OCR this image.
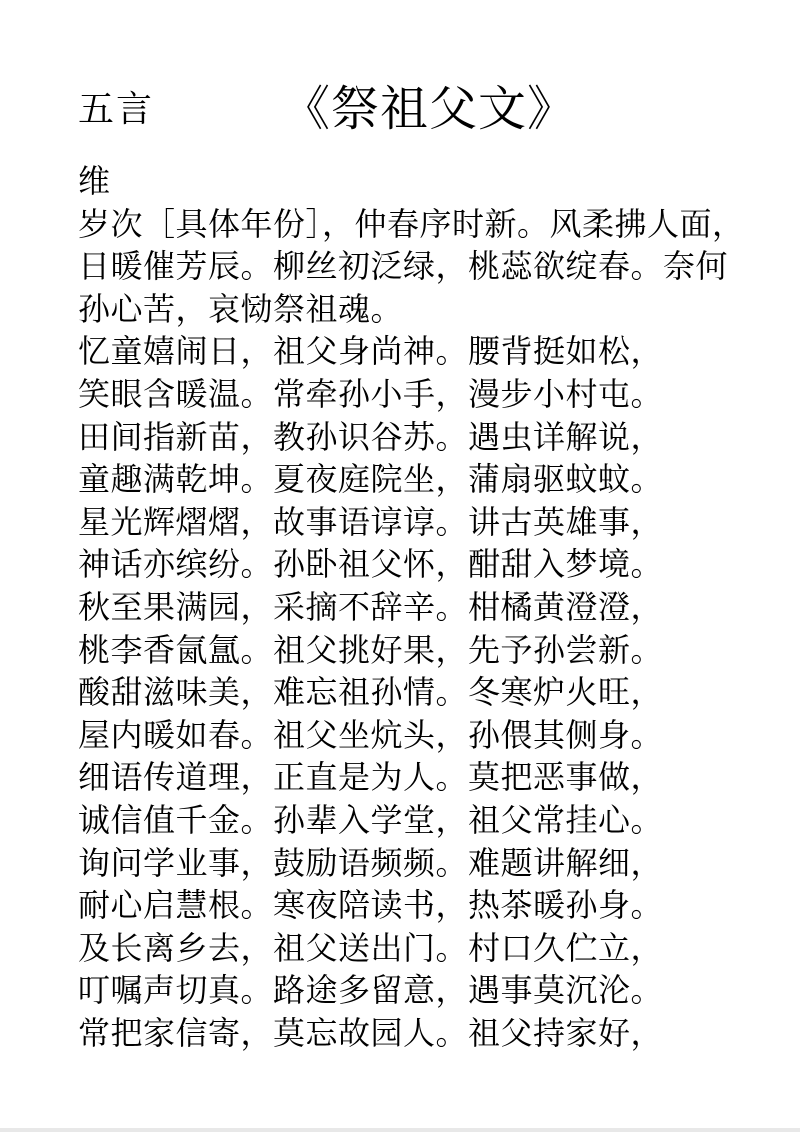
五言	《祭祖父文》
维
岁次［具体年份］，仲春序时新。风柔拂人面，
日暖催芳辰。柳丝初泛绿，桃蕊欲绽春。奈何
孙心苦，哀恸祭祖魂。
忆童嬉闹日，祖父身尚神。腰背挺如松，
笑眼含暖温。常牵孙小手，漫步小村屯。
田间指新苗，教孙识谷苏。遇虫详解说，
童趣满乾坤。夏夜庭院坐，蒲扇驱蚊蚊。
星光辉熠熠，故事语谆谆。讲古英雄事，
神话亦缤纷。孙卧祖父怀，酣甜入梦境。
秋至果满园，采摘不辞辛。柑橘黄澄澄，
桃李香氤氲。祖父挑好果，先予孙尝新。
酸甜滋味美，难忘祖孙情。冬寒炉火旺，
屋内暖如春。祖父坐炕头，孙偎其侧身。
细语传道理，正直是为人。莫把恶事做，
诚信值千金。孙辈入学堂，祖父常挂心。
询问学业事，鼓励语频频。难题讲解细，
耐心启慧根。寒夜陪读书，热茶暖孙身。
及长离乡去，祖父送出门。村口久伫立，
叮嘱声切真。路途多留意，遇事莫沉沦。
常把家信寄，莫忘故园人。祖父持家好，
